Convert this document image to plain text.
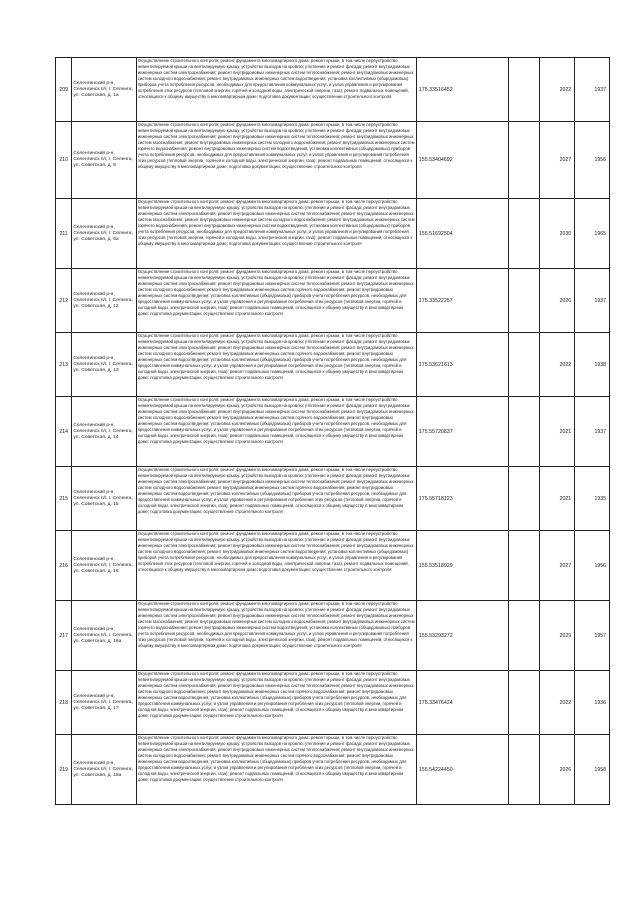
209	Селенгинский р-н, Селенгинск п/г, г. Селенга, ул. Советская, д. 1а	Осуществление строительного контроля; ремонт фундамента многоквартирного дома; ремонт крыши, в том числе переустройство невентилируемой крыши на вентилируемую крышу, устройство выходов на кровлю; утепление и ремонт фасада; ремонт внутридомовых инженерных систем электроснабжения; ремонт внутридомовых инженерных систем теплоснабжения; ремонт внутридомовых инженерных систем холодного водоснабжения; ремонт внутридомовых инженерных систем водоотведения; установка коллективных (общедомовых) приборов учета потребления ресурсов, необходимых для предоставления коммунальных услуг, и узлов управления и регулирования потребления этих ресурсов (тепловой энергии, горячей и холодной воды, электрической энергии, газа); ремонт подвальных помещений, относящихся к общему имуществу в многоквартирном доме; подготовка документации; осуществление строительного контроля	175.33516452		2022	1937
210	Селенгинский р-н, Селенгинск п/г, г. Селенга, ул. Советская, д. 6	Осуществление строительного контроля; ремонт фундамента многоквартирного дома; ремонт крыши, в том числе переустройство невентилируемой крыши на вентилируемую крышу, устройство выходов на кровлю; утепление и ремонт фасада; ремонт внутридомовых инженерных систем электроснабжения; ремонт внутридомовых инженерных систем теплоснабжения; ремонт внутридомовых инженерных систем газоснабжения; ремонт внутридомовых инженерных систем холодного водоснабжения; ремонт внутридомовых инженерных систем горячего водоснабжения; ремонт внутридомовых инженерных систем водоотведения; установка коллективных (общедомовых) приборов учета потребления ресурсов, необходимых для предоставления коммунальных услуг, и узлов управления и регулирования потребления этих ресурсов (тепловой энергии, горячей и холодной воды, электрической энергии, газа); ремонт подвальных помещений, относящихся к общему имуществу в многоквартирном доме; подготовка документации; осуществление строительного контроля	155.53404692		2027	1956
211	Селенгинский р-н, Селенгинск п/г, г. Селенга, ул. Советская, д. 6а	Осуществление строительного контроля; ремонт фундамента многоквартирного дома; ремонт крыши, в том числе переустройство невентилируемой крыши на вентилируемую крышу, устройство выходов на кровлю; утепление и ремонт фасада; ремонт внутридомовых инженерных систем электроснабжения; ремонт внутридомовых инженерных систем теплоснабжения; ремонт внутридомовых инженерных систем газоснабжения; ремонт внутридомовых инженерных систем холодного водоснабжения; ремонт внутридомовых инженерных систем горячего водоснабжения; ремонт внутридомовых инженерных систем водоотведения; установка коллективных (общедомовых) приборов учета потребления ресурсов, необходимых для предоставления коммунальных услуг, и узлов управления и регулирования потребления этих ресурсов (тепловой энергии, горячей и холодной воды, электрической энергии, газа); ремонт подвальных помещений, относящихся к общему имуществу в многоквартирном доме; подготовка документации; осуществление строительного контроля	155.51692504		2030	1965
212	Селенгинский р-н, Селенгинск п/г, г. Селенга, ул. Советская, д. 12	Осуществление строительного контроля; ремонт фундамента многоквартирного дома; ремонт крыши, в том числе переустройство невентилируемой крыши на вентилируемую крышу, устройство выходов на кровлю; утепление и ремонт фасада; ремонт внутридомовых инженерных систем электроснабжения; ремонт внутридомовых инженерных систем теплоснабжения; ремонт внутридомовых инженерных систем холодного водоснабжения; ремонт внутридомовых инженерных систем горячего водоснабжения; ремонт внутридомовых инженерных систем водоотведения; установка коллективных (общедомовых) приборов учета потребления ресурсов, необходимых для предоставления коммунальных услуг, и узлов управления и регулирования потребления этих ресурсов (тепловой энергии, горячей и холодной воды, электрической энергии, газа); ремонт подвальных помещений, относящихся к общему имуществу в многоквартирном доме; подготовка документации; осуществление строительного контроля	175.33522257		2026	1937
213	Селенгинский р-н, Селенгинск п/г, г. Селенга, ул. Советская, д. 13	Осуществление строительного контроля; ремонт фундамента многоквартирного дома; ремонт крыши, в том числе переустройство невентилируемой крыши на вентилируемую крышу, устройство выходов на кровлю; утепление и ремонт фасада; ремонт внутридомовых инженерных систем электроснабжения; ремонт внутридомовых инженерных систем теплоснабжения; ремонт внутридомовых инженерных систем холодного водоснабжения; ремонт внутридомовых инженерных систем горячего водоснабжения; ремонт внутридомовых инженерных систем водоотведения; установка коллективных (общедомовых) приборов учета потребления ресурсов, необходимых для предоставления коммунальных услуг, и узлов управления и регулирования потребления этих ресурсов (тепловой энергии, горячей и холодной воды, электрической энергии, газа); ремонт подвальных помещений, относящихся к общему имуществу в многоквартирном доме; подготовка документации; осуществление строительного контроля	175.53621613		2022	1938
214	Селенгинский р-н, Селенгинск п/г, г. Селенга, ул. Советская, д. 14	Осуществление строительного контроля; ремонт фундамента многоквартирного дома; ремонт крыши, в том числе переустройство невентилируемой крыши на вентилируемую крышу, устройство выходов на кровлю; утепление и ремонт фасада; ремонт внутридомовых инженерных систем электроснабжения; ремонт внутридомовых инженерных систем теплоснабжения; ремонт внутридомовых инженерных систем холодного водоснабжения; ремонт внутридомовых инженерных систем горячего водоснабжения; ремонт внутридомовых инженерных систем водоотведения; установка коллективных (общедомовых) приборов учета потребления ресурсов, необходимых для предоставления коммунальных услуг, и узлов управления и регулирования потребления этих ресурсов (тепловой энергии, горячей и холодной воды, электрической энергии, газа); ремонт подвальных помещений, относящихся к общему имуществу в многоквартирном доме; подготовка документации; осуществление строительного контроля	175.55720837		2021	1937
215	Селенгинский р-н, Селенгинск п/г, г. Селенга, ул. Советская, д. 15	Осуществление строительного контроля; ремонт фундамента многоквартирного дома; ремонт крыши, в том числе переустройство невентилируемой крыши на вентилируемую крышу, устройство выходов на кровлю; утепление и ремонт фасада; ремонт внутридомовых инженерных систем электроснабжения; ремонт внутридомовых инженерных систем теплоснабжения; ремонт внутридомовых инженерных систем холодного водоснабжения; ремонт внутридомовых инженерных систем горячего водоснабжения; ремонт внутридомовых инженерных систем водоотведения; установка коллективных (общедомовых) приборов учета потребления ресурсов, необходимых для предоставления коммунальных услуг, и узлов управления и регулирования потребления этих ресурсов (тепловой энергии, горячей и холодной воды, электрической энергии, газа); ремонт подвальных помещений, относящихся к общему имуществу в многоквартирном доме; подготовка документации; осуществление строительного контроля	175.55718123		2021	1935
216	Селенгинский р-н, Селенгинск п/г, г. Селенга, ул. Советская, д. 16	Осуществление строительного контроля; ремонт фундамента многоквартирного дома; ремонт крыши, в том числе переустройство невентилируемой крыши на вентилируемую крышу, устройство выходов на кровлю; утепление и ремонт фасада; ремонт внутридомовых инженерных систем электроснабжения; ремонт внутридомовых инженерных систем теплоснабжения; ремонт внутридомовых инженерных систем холодного водоснабжения; ремонт внутридомовых инженерных систем водоотведения; установка коллективных (общедомовых) приборов учета потребления ресурсов, необходимых для предоставления коммунальных услуг, и узлов управления и регулирования потребления этих ресурсов (тепловой энергии, горячей и холодной воды, электрической энергии, газа); ремонт подвальных помещений, относящихся к общему имуществу в многоквартирном доме; подготовка документации; осуществление строительного контроля	155.53518929		2027	1956
217	Селенгинский р-н, Селенгинск п/г, г. Селенга, ул. Советская, д. 16а	Осуществление строительного контроля; ремонт фундамента многоквартирного дома; ремонт крыши, в том числе переустройство невентилируемой крыши на вентилируемую крышу, устройство выходов на кровлю; утепление и ремонт фасада; ремонт внутридомовых инженерных систем электроснабжения; ремонт внутридомовых инженерных систем теплоснабжения; ремонт внутридомовых инженерных систем газоснабжения; ремонт внутридомовых инженерных систем холодного водоснабжения; ремонт внутридомовых инженерных систем горячего водоснабжения; ремонт внутридомовых инженерных систем водоотведения; установка коллективных (общедомовых) приборов учета потребления ресурсов, необходимых для предоставления коммунальных услуг, и узлов управления и регулирования потребления этих ресурсов (тепловой энергии, горячей и холодной воды, электрической энергии, газа); ремонт подвальных помещений, относящихся к общему имуществу в многоквартирном доме; подготовка документации; осуществление строительного контроля	155.53293272		2029	1957
218	Селенгинский р-н, Селенгинск п/г, г. Селенга, ул. Советская, д. 17	Осуществление строительного контроля; ремонт фундамента многоквартирного дома; ремонт крыши, в том числе переустройство невентилируемой крыши на вентилируемую крышу, устройство выходов на кровлю; утепление и ремонт фасада; ремонт внутридомовых инженерных систем электроснабжения; ремонт внутридомовых инженерных систем теплоснабжения; ремонт внутридомовых инженерных систем холодного водоснабжения; ремонт внутридомовых инженерных систем горячего водоснабжения; ремонт внутридомовых инженерных систем водоотведения; установка коллективных (общедомовых) приборов учета потребления ресурсов, необходимых для предоставления коммунальных услуг, и узлов управления и регулирования потребления этих ресурсов (тепловой энергии, горячей и холодной воды, электрической энергии, газа); ремонт подвальных помещений, относящихся к общему имуществу в многоквартирном доме; подготовка документации; осуществление строительного контроля	175.33476424		2022	1936
219	Селенгинский р-н, Селенгинск п/г, г. Селенга, ул. Советская, д. 18а	Осуществление строительного контроля; ремонт фундамента многоквартирного дома; ремонт крыши, в том числе переустройство невентилируемой крыши на вентилируемую крышу, устройство выходов на кровлю; утепление и ремонт фасада; ремонт внутридомовых инженерных систем электроснабжения; ремонт внутридомовых инженерных систем теплоснабжения; ремонт внутридомовых инженерных систем холодного водоснабжения; ремонт внутридомовых инженерных систем горячего водоснабжения; ремонт внутридомовых инженерных систем водоотведения; установка коллективных (общедомовых) приборов учета потребления ресурсов, необходимых для предоставления коммунальных услуг, и узлов управления и регулирования потребления этих ресурсов (тепловой энергии, горячей и холодной воды, электрической энергии, газа); ремонт подвальных помещений, относящихся к общему имуществу в многоквартирном доме; подготовка документации; осуществление строительного контроля	155.54224450		2026	1958
